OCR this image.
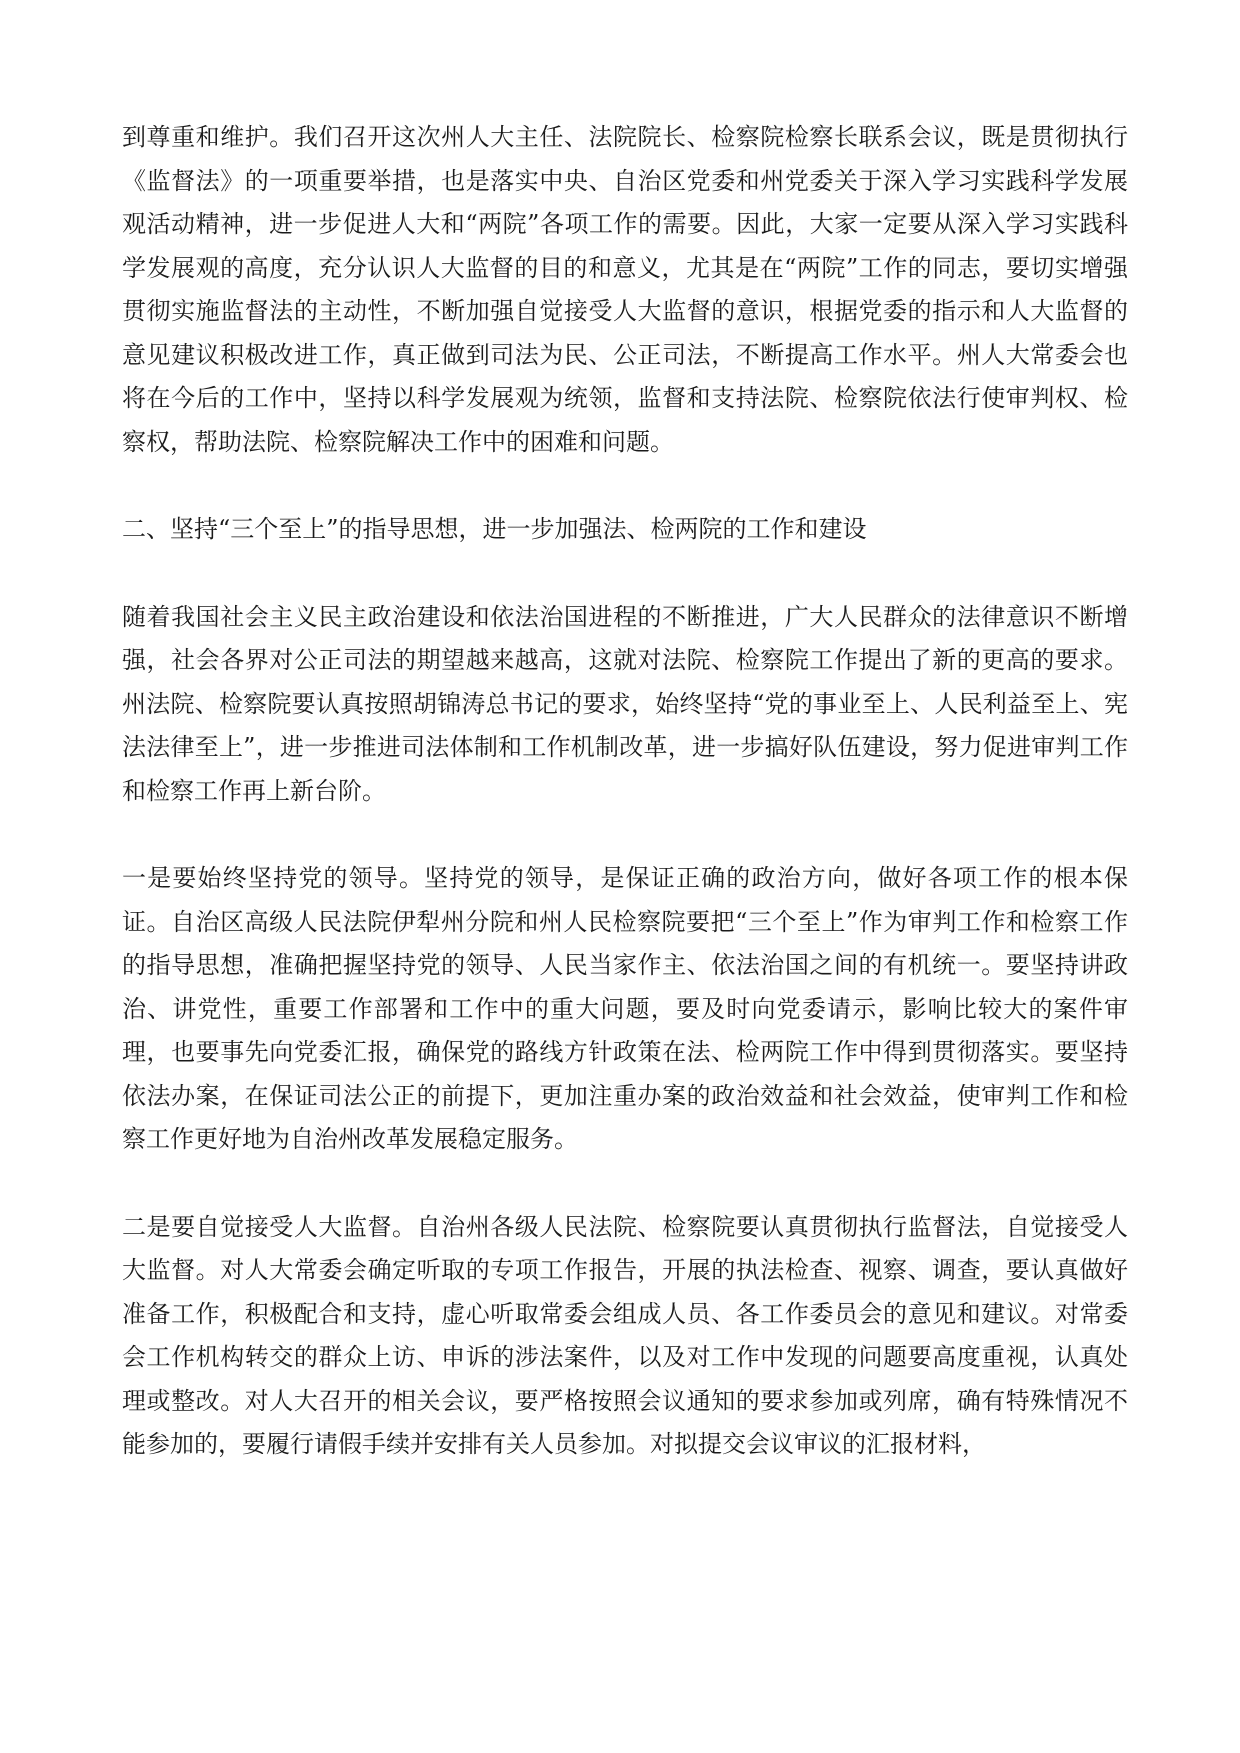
到尊重和维护。我们召开这次州人大主任、法院院长、检察院检察长联系会议，既是贯彻执行《监督法》的一项重要举措，也是落实中央、自治区党委和州党委关于深入学习实践科学发展观活动精神，进一步促进人大和“两院”各项工作的需要。因此，大家一定要从深入学习实践科学发展观的高度，充分认识人大监督的目的和意义，尤其是在“两院”工作的同志，要切实增强贯彻实施监督法的主动性，不断加强自觉接受人大监督的意识，根据党委的指示和人大监督的意见建议积极改进工作，真正做到司法为民、公正司法，不断提高工作水平。州人大常委会也将在今后的工作中，坚持以科学发展观为统领，监督和支持法院、检察院依法行使审判权、检察权，帮助法院、检察院解决工作中的困难和问题。

二、坚持“三个至上”的指导思想，进一步加强法、检两院的工作和建设

随着我国社会主义民主政治建设和依法治国进程的不断推进，广大人民群众的法律意识不断增强，社会各界对公正司法的期望越来越高，这就对法院、检察院工作提出了新的更高的要求。州法院、检察院要认真按照胡锦涛总书记的要求，始终坚持“党的事业至上、人民利益至上、宪法法律至上”，进一步推进司法体制和工作机制改革，进一步搞好队伍建设，努力促进审判工作和检察工作再上新台阶。

一是要始终坚持党的领导。坚持党的领导，是保证正确的政治方向，做好各项工作的根本保证。自治区高级人民法院伊犁州分院和州人民检察院要把“三个至上”作为审判工作和检察工作的指导思想，准确把握坚持党的领导、人民当家作主、依法治国之间的有机统一。要坚持讲政治、讲党性，重要工作部署和工作中的重大问题，要及时向党委请示，影响比较大的案件审理，也要事先向党委汇报，确保党的路线方针政策在法、检两院工作中得到贯彻落实。要坚持依法办案，在保证司法公正的前提下，更加注重办案的政治效益和社会效益，使审判工作和检察工作更好地为自治州改革发展稳定服务。

二是要自觉接受人大监督。自治州各级人民法院、检察院要认真贯彻执行监督法，自觉接受人大监督。对人大常委会确定听取的专项工作报告，开展的执法检查、视察、调查，要认真做好准备工作，积极配合和支持，虚心听取常委会组成人员、各工作委员会的意见和建议。对常委会工作机构转交的群众上访、申诉的涉法案件，以及对工作中发现的问题要高度重视，认真处理或整改。对人大召开的相关会议，要严格按照会议通知的要求参加或列席，确有特殊情况不能参加的，要履行请假手续并安排有关人员参加。对拟提交会议审议的汇报材料，
